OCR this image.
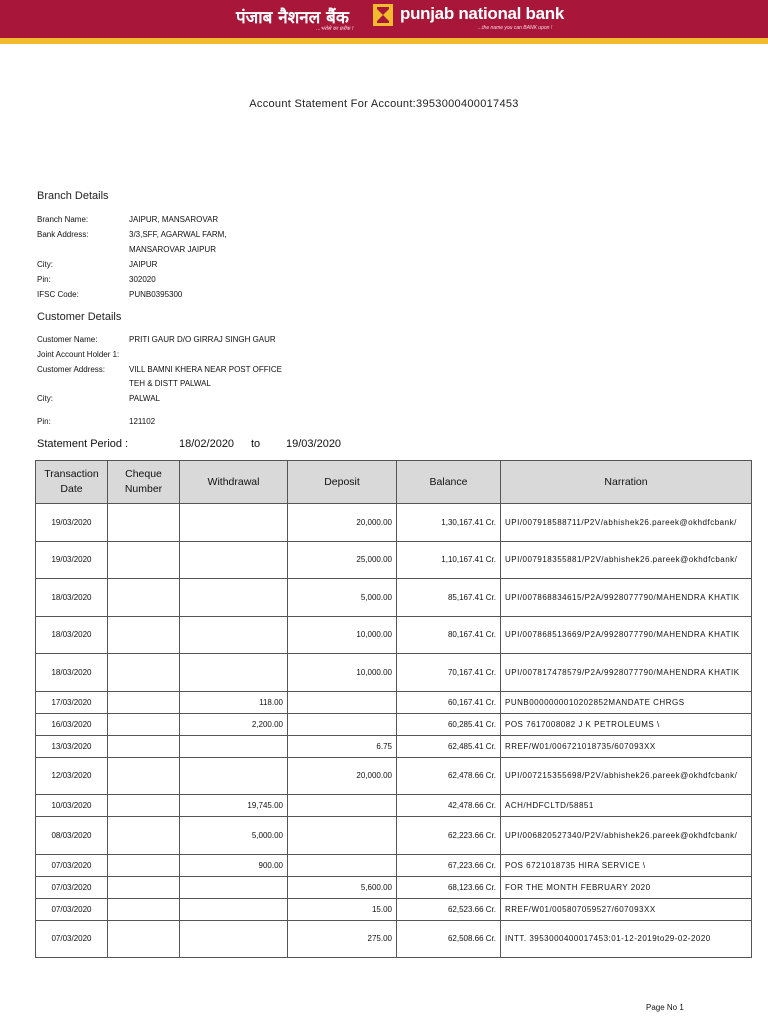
पंजाब नैशनल बैंक
...भरोसे का प्रतीक !
punjab national bank
...the name you can BANK upon !
Account Statement For Account:3953000400017453
Branch Details
Branch Name:	JAIPUR, MANSAROVAR
Bank Address:	3/3,SFF, AGARWAL FARM,
MANSAROVAR JAIPUR
City:	JAIPUR
Pin:	302020
IFSC Code:	PUNB0395300
Customer Details
Customer Name:	PRITI GAUR D/O GIRRAJ SINGH GAUR
Joint Account Holder 1:
Customer Address:	VILL BAMNI KHERA NEAR POST OFFICE
TEH & DISTT PALWAL
City:	PALWAL
Pin:	121102
Statement Period :	18/02/2020 to 19/03/2020
Transaction Date	Cheque Number	Withdrawal	Deposit	Balance	Narration
19/03/2020			20,000.00	1,30,167.41 Cr.	UPI/007918588711/P2V/abhishek26.pareek@okhdfcbank/
19/03/2020			25,000.00	1,10,167.41 Cr.	UPI/007918355881/P2V/abhishek26.pareek@okhdfcbank/
18/03/2020			5,000.00	85,167.41 Cr.	UPI/007868834615/P2A/9928077790/MAHENDRA KHATIK
18/03/2020			10,000.00	80,167.41 Cr.	UPI/007868513669/P2A/9928077790/MAHENDRA KHATIK
18/03/2020			10,000.00	70,167.41 Cr.	UPI/007817478579/P2A/9928077790/MAHENDRA KHATIK
17/03/2020		118.00		60,167.41 Cr.	PUNB0000000010202852MANDATE CHRGS
16/03/2020		2,200.00		60,285.41 Cr.	POS 7617008082 J K PETROLEUMS \
13/03/2020			6.75	62,485.41 Cr.	RREF/W01/006721018735/607093XX
12/03/2020			20,000.00	62,478.66 Cr.	UPI/007215355698/P2V/abhishek26.pareek@okhdfcbank/
10/03/2020		19,745.00		42,478.66 Cr.	ACH/HDFCLTD/58851
08/03/2020		5,000.00		62,223.66 Cr.	UPI/006820527340/P2V/abhishek26.pareek@okhdfcbank/
07/03/2020		900.00		67,223.66 Cr.	POS 6721018735 HIRA SERVICE \
07/03/2020			5,600.00	68,123.66 Cr.	FOR THE MONTH FEBRUARY 2020
07/03/2020			15.00	62,523.66 Cr.	RREF/W01/005807059527/607093XX
07/03/2020			275.00	62,508.66 Cr.	INTT. 3953000400017453:01-12-2019to29-02-2020
Page No 1
